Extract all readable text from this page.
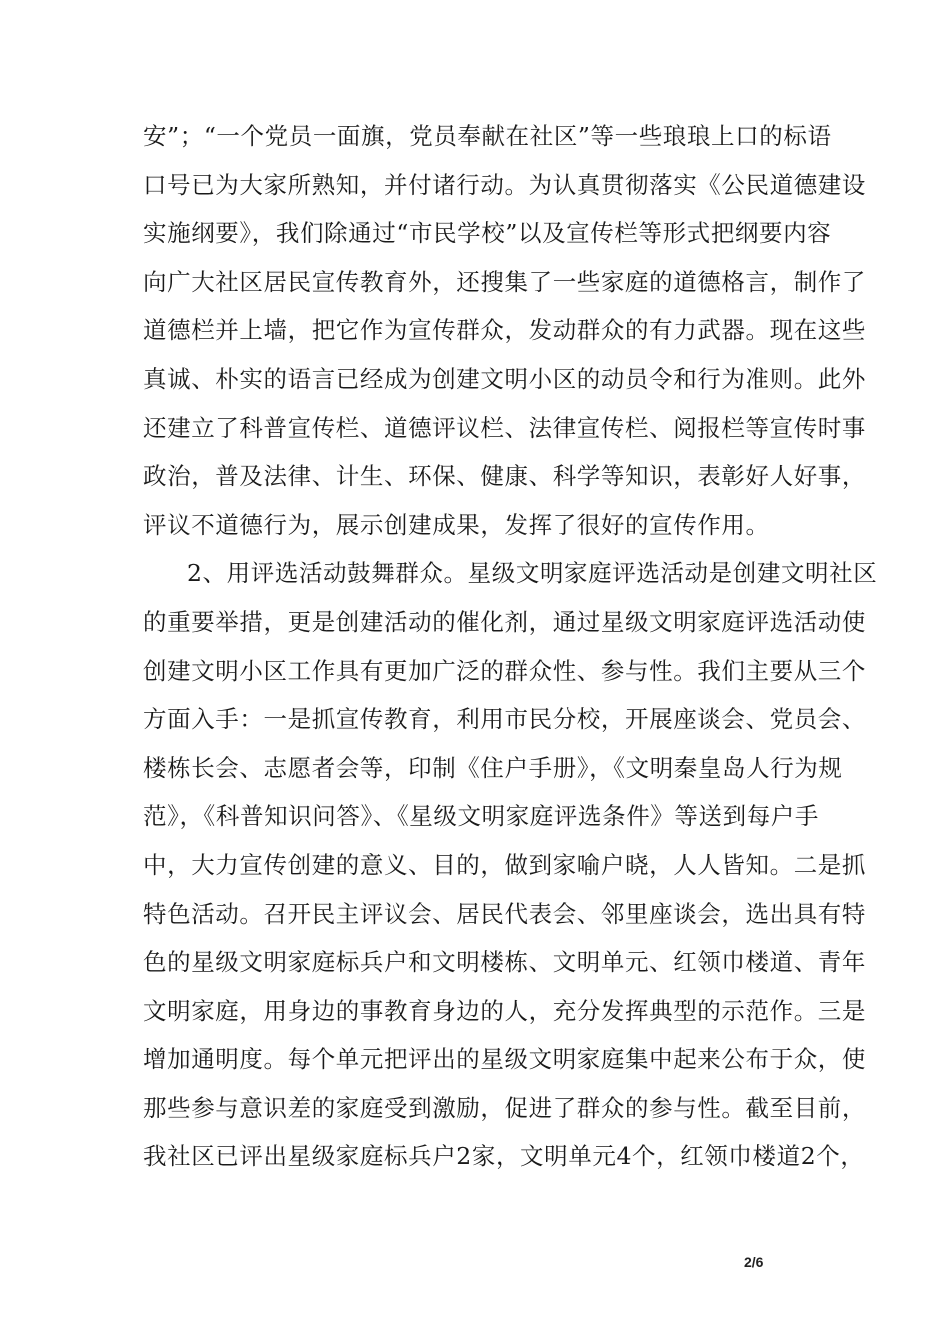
安”；“一个党员一面旗，党员奉献在社区”等一些琅琅上口的标语
口号已为大家所熟知，并付诸行动。为认真贯彻落实《公民道德建设
实施纲要》，我们除通过“市民学校”以及宣传栏等形式把纲要内容
向广大社区居民宣传教育外，还搜集了一些家庭的道德格言，制作了
道德栏并上墙，把它作为宣传群众，发动群众的有力武器。现在这些
真诚、朴实的语言已经成为创建文明小区的动员令和行为准则。此外
还建立了科普宣传栏、道德评议栏、法律宣传栏、阅报栏等宣传时事
政治，普及法律、计生、环保、健康、科学等知识，表彰好人好事，
评议不道德行为，展示创建成果，发挥了很好的宣传作用。
2、用评选活动鼓舞群众。星级文明家庭评选活动是创建文明社区
的重要举措，更是创建活动的催化剂，通过星级文明家庭评选活动使
创建文明小区工作具有更加广泛的群众性、参与性。我们主要从三个
方面入手：一是抓宣传教育，利用市民分校，开展座谈会、党员会、
楼栋长会、志愿者会等，印制《住户手册》，《文明秦皇岛人行为规
范》，《科普知识问答》、《星级文明家庭评选条件》等送到每户手
中，大力宣传创建的意义、目的，做到家喻户晓，人人皆知。二是抓
特色活动。召开民主评议会、居民代表会、邻里座谈会，选出具有特
色的星级文明家庭标兵户和文明楼栋、文明单元、红领巾楼道、青年
文明家庭，用身边的事教育身边的人，充分发挥典型的示范作。三是
增加通明度。每个单元把评出的星级文明家庭集中起来公布于众，使
那些参与意识差的家庭受到激励，促进了群众的参与性。截至目前，
我社区已评出星级家庭标兵户2家，文明单元4个，红领巾楼道2个，
2/6
